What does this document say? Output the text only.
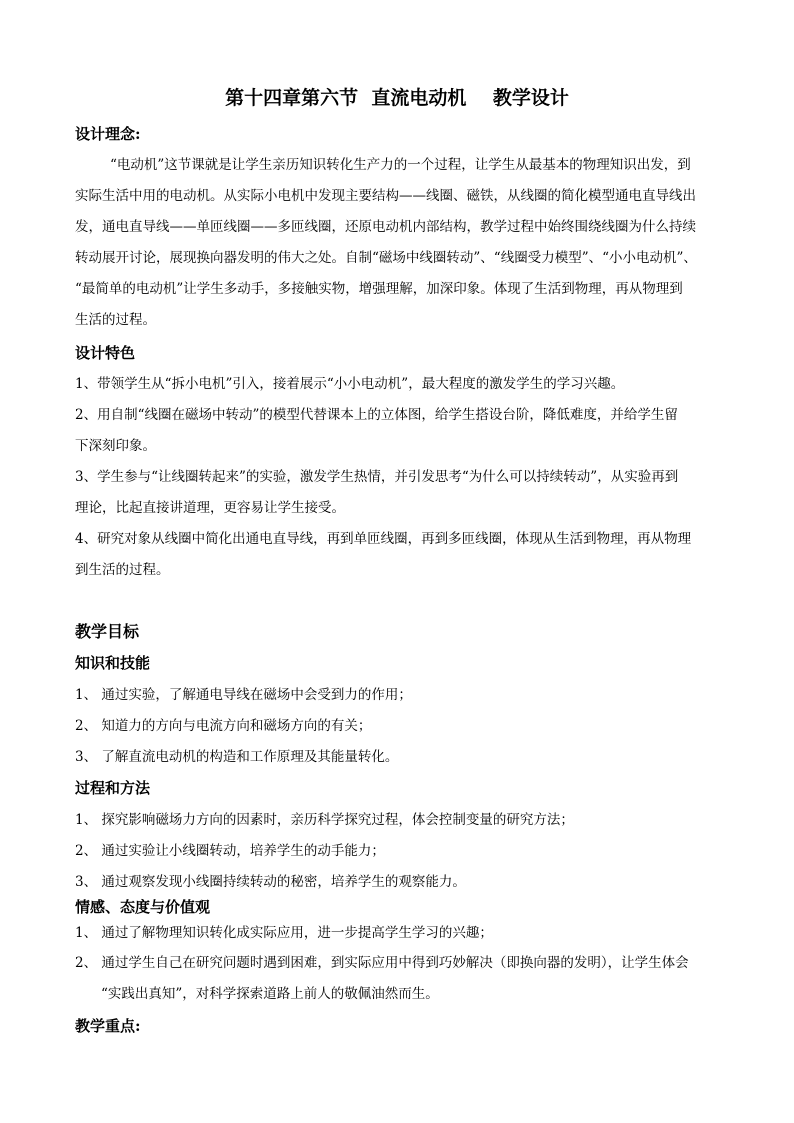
第十四章第六节  直流电动机    教学设计
设计理念:
“电动机”这节课就是让学生亲历知识转化生产力的一个过程，让学生从最基本的物理知识出发，到
实际生活中用的电动机。从实际小电机中发现主要结构——线圈、磁铁，从线圈的简化模型通电直导线出
发，通电直导线——单匝线圈——多匝线圈，还原电动机内部结构，教学过程中始终围绕线圈为什么持续
转动展开讨论，展现换向器发明的伟大之处。自制“磁场中线圈转动”、“线圈受力模型”、“小小电动机”、
“最简单的电动机”让学生多动手，多接触实物，增强理解，加深印象。体现了生活到物理，再从物理到
生活的过程。
设计特色
1、带领学生从“拆小电机”引入，接着展示“小小电动机”，最大程度的激发学生的学习兴趣。
2、用自制“线圈在磁场中转动”的模型代替课本上的立体图，给学生搭设台阶，降低难度，并给学生留
下深刻印象。
3、学生参与“让线圈转起来”的实验，激发学生热情，并引发思考“为什么可以持续转动”，从实验再到
理论，比起直接讲道理，更容易让学生接受。
4、研究对象从线圈中简化出通电直导线，再到单匝线圈，再到多匝线圈，体现从生活到物理，再从物理
到生活的过程。
教学目标
知识和技能
1、 通过实验，了解通电导线在磁场中会受到力的作用；
2、 知道力的方向与电流方向和磁场方向的有关；
3、 了解直流电动机的构造和工作原理及其能量转化。
过程和方法
1、 探究影响磁场力方向的因素时，亲历科学探究过程，体会控制变量的研究方法；
2、 通过实验让小线圈转动，培养学生的动手能力；
3、 通过观察发现小线圈持续转动的秘密，培养学生的观察能力。
情感、态度与价值观
1、 通过了解物理知识转化成实际应用，进一步提高学生学习的兴趣；
2、 通过学生自己在研究问题时遇到困难，到实际应用中得到巧妙解决（即换向器的发明），让学生体会
“实践出真知”，对科学探索道路上前人的敬佩油然而生。
教学重点:
